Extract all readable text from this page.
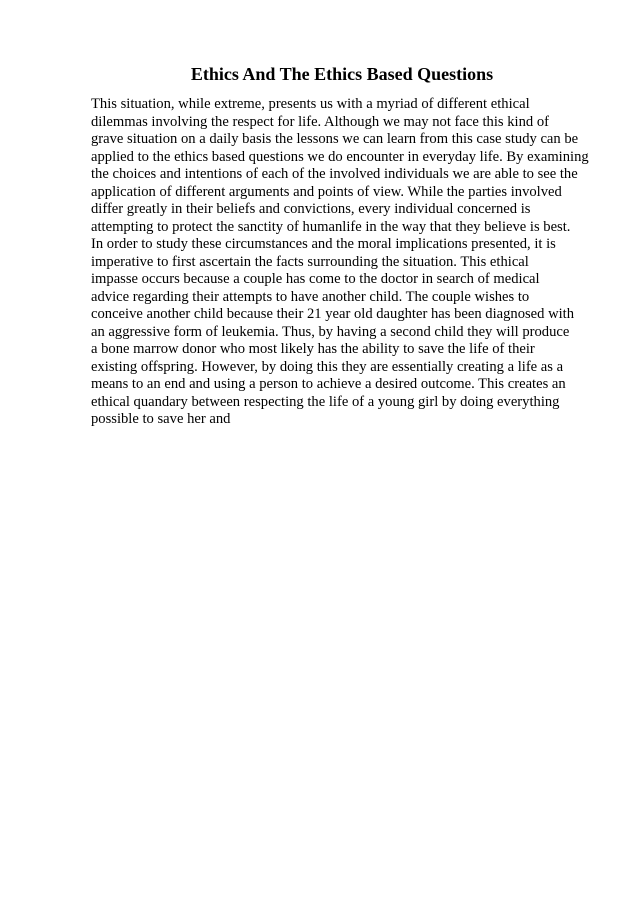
Ethics And The Ethics Based Questions
This situation, while extreme, presents us with a myriad of different ethical
dilemmas involving the respect for life. Although we may not face this kind of
grave situation on a daily basis the lessons we can learn from this case study can be
applied to the ethics based questions we do encounter in everyday life. By examining
the choices and intentions of each of the involved individuals we are able to see the
application of different arguments and points of view. While the parties involved
differ greatly in their beliefs and convictions, every individual concerned is
attempting to protect the sanctity of humanlife in the way that they believe is best.
In order to study these circumstances and the moral implications presented, it is
imperative to first ascertain the facts surrounding the situation. This ethical
impasse occurs because a couple has come to the doctor in search of medical
advice regarding their attempts to have another child. The couple wishes to
conceive another child because their 21 year old daughter has been diagnosed with
an aggressive form of leukemia. Thus, by having a second child they will produce
a bone marrow donor who most likely has the ability to save the life of their
existing offspring. However, by doing this they are essentially creating a life as a
means to an end and using a person to achieve a desired outcome. This creates an
ethical quandary between respecting the life of a young girl by doing everything
possible to save her and
